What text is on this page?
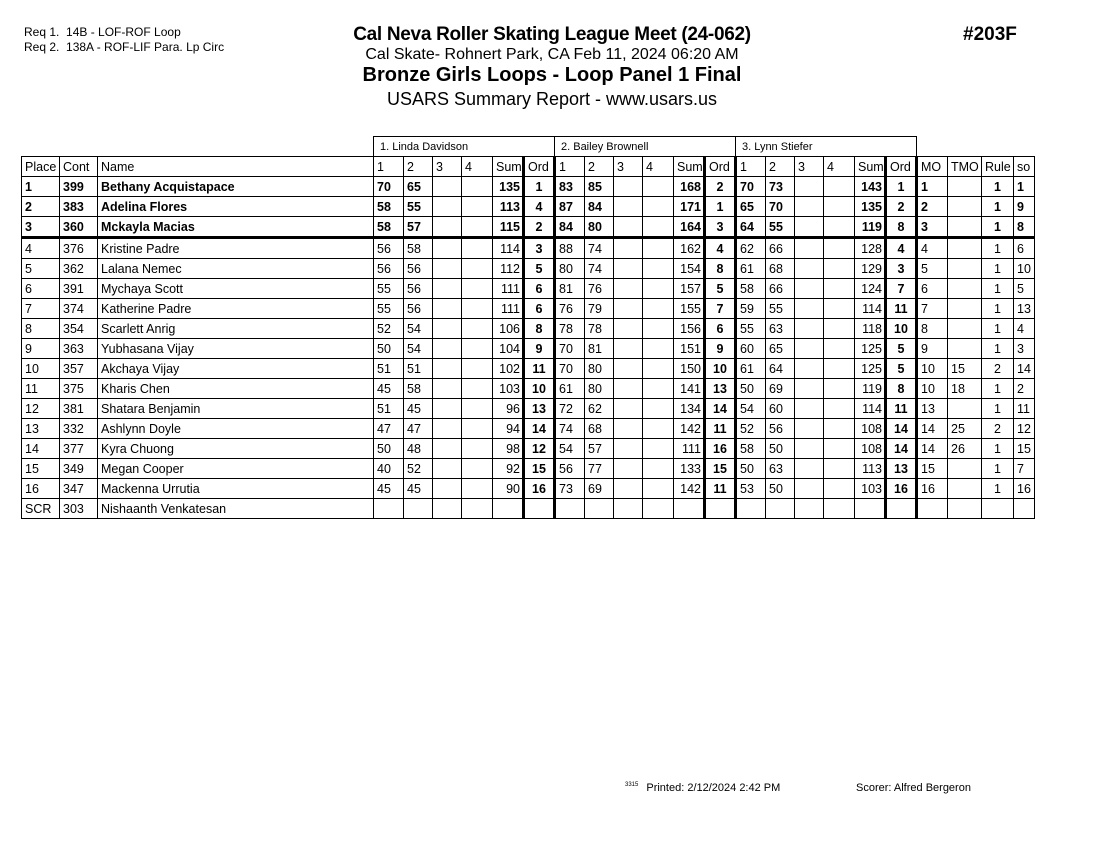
Req 1. 14B - LOF-ROF Loop
Req 2. 138A - ROF-LIF Para. Lp Circ
Cal Neva Roller Skating League Meet (24-062)
Cal Skate- Rohnert Park, CA Feb 11, 2024 06:20 AM
Bronze Girls Loops - Loop Panel 1 Final
USARS Summary Report - www.usars.us
#203F
			1. Linda Davidson						2. Bailey Brownell						3. Lynn Stiefer									
Place	Cont	Name	1	2	3	4	Sum	Ord	1	2	3	4	Sum	Ord	1	2	3	4	Sum	Ord	MO	TMO	Rule	so
1	399	Bethany Acquistapace	70	65			135	1	83	85			168	2	70	73			143	1	1		1	1
2	383	Adelina Flores	58	55			113	4	87	84			171	1	65	70			135	2	2		1	9
3	360	Mckayla Macias	58	57			115	2	84	80			164	3	64	55			119	8	3		1	8
4	376	Kristine Padre	56	58			114	3	88	74			162	4	62	66			128	4	4		1	6
5	362	Lalana Nemec	56	56			112	5	80	74			154	8	61	68			129	3	5		1	10
6	391	Mychaya Scott	55	56			111	6	81	76			157	5	58	66			124	7	6		1	5
7	374	Katherine Padre	55	56			111	6	76	79			155	7	59	55			114	11	7		1	13
8	354	Scarlett Anrig	52	54			106	8	78	78			156	6	55	63			118	10	8		1	4
9	363	Yubhasana Vijay	50	54			104	9	70	81			151	9	60	65			125	5	9		1	3
10	357	Akchaya Vijay	51	51			102	11	70	80			150	10	61	64			125	5	10	15	2	14
11	375	Kharis Chen	45	58			103	10	61	80			141	13	50	69			119	8	10	18	1	2
12	381	Shatara Benjamin	51	45			96	13	72	62			134	14	54	60			114	11	13		1	11
13	332	Ashlynn Doyle	47	47			94	14	74	68			142	11	52	56			108	14	14	25	2	12
14	377	Kyra Chuong	50	48			98	12	54	57			111	16	58	50			108	14	14	26	1	15
15	349	Megan Cooper	40	52			92	15	56	77			133	15	50	63			113	13	15		1	7
16	347	Mackenna Urrutia	45	45			90	16	73	69			142	11	53	50			103	16	16		1	16
SCR	303	Nishaanth Venkatesan																						
$^{3315}$ Printed: 2/12/2024 2:42 PM	Scorer: Alfred Bergeron
